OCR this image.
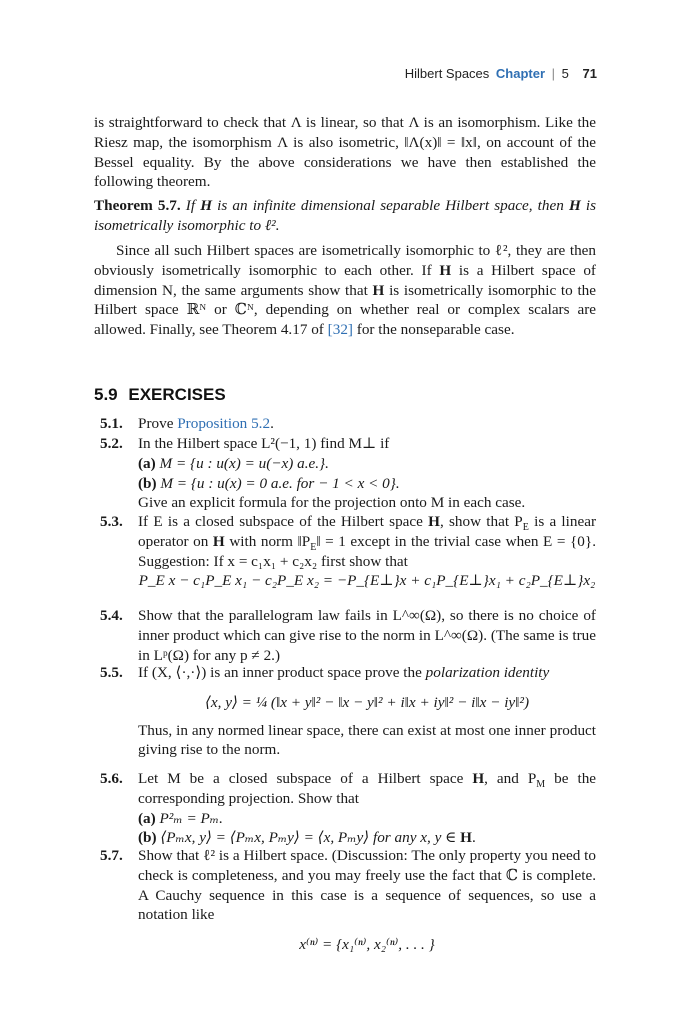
Hilbert Spaces Chapter | 5 71

is straightforward to check that Λ is linear, so that Λ is an isomorphism. Like the Riesz map, the isomorphism Λ is also isometric, ‖Λ(x)‖ = ‖x‖, on account of the Bessel equality. By the above considerations we have then established the following theorem.

Theorem 5.7. If H is an infinite dimensional separable Hilbert space, then H is isometrically isomorphic to ℓ².

Since all such Hilbert spaces are isometrically isomorphic to ℓ², they are then obviously isometrically isomorphic to each other. If H is a Hilbert space of dimension N, the same arguments show that H is isometrically isomorphic to the Hilbert space ℝᴺ or ℂᴺ, depending on whether real or complex scalars are allowed. Finally, see Theorem 4.17 of [32] for the nonseparable case.

5.9 EXERCISES
5.1.	Prove Proposition 5.2.
5.2.	In the Hilbert space L²(−1, 1) find M⊥ if
(a) M = {u : u(x) = u(−x) a.e.}.
(b) M = {u : u(x) = 0 a.e. for − 1 < x < 0}.
Give an explicit formula for the projection onto M in each case.
5.3.	If E is a closed subspace of the Hilbert space H, show that $P_E$ is a linear operator on H with norm $‖P_E‖ = 1$ except in the trivial case when E = {0}. Suggestion: If x = c₁x₁ + c₂x₂ first show that
P_E x − c₁P_E x₁ − c₂P_E x₂ = −P_{E⊥}x + c₁P_{E⊥}x₁ + c₂P_{E⊥}x₂
5.4.	Show that the parallelogram law fails in L^∞(Ω), so there is no choice of inner product which can give rise to the norm in L^∞(Ω). (The same is true in Lᵖ(Ω) for any p ≠ 2.)
5.5.	If (X, ⟨·,·⟩) is an inner product space prove the polarization identity
⟨x, y⟩ = ¼ (‖x + y‖² − ‖x − y‖² + i‖x + iy‖² − i‖x − iy‖²)
Thus, in any normed linear space, there can exist at most one inner product giving rise to the norm.
5.6.	Let M be a closed subspace of a Hilbert space H, and $P_M$ be the corresponding projection. Show that
(a) P²ₘ = Pₘ.
(b) ⟨Pₘx, y⟩ = ⟨Pₘx, Pₘy⟩ = ⟨x, Pₘy⟩ for any x, y ∈ H.
5.7.	Show that ℓ² is a Hilbert space. (Discussion: The only property you need to check is completeness, and you may freely use the fact that ℂ is complete. A Cauchy sequence in this case is a sequence of sequences, so use a notation like
x⁽ⁿ⁾ = {x₁⁽ⁿ⁾, x₂⁽ⁿ⁾, . . . }
